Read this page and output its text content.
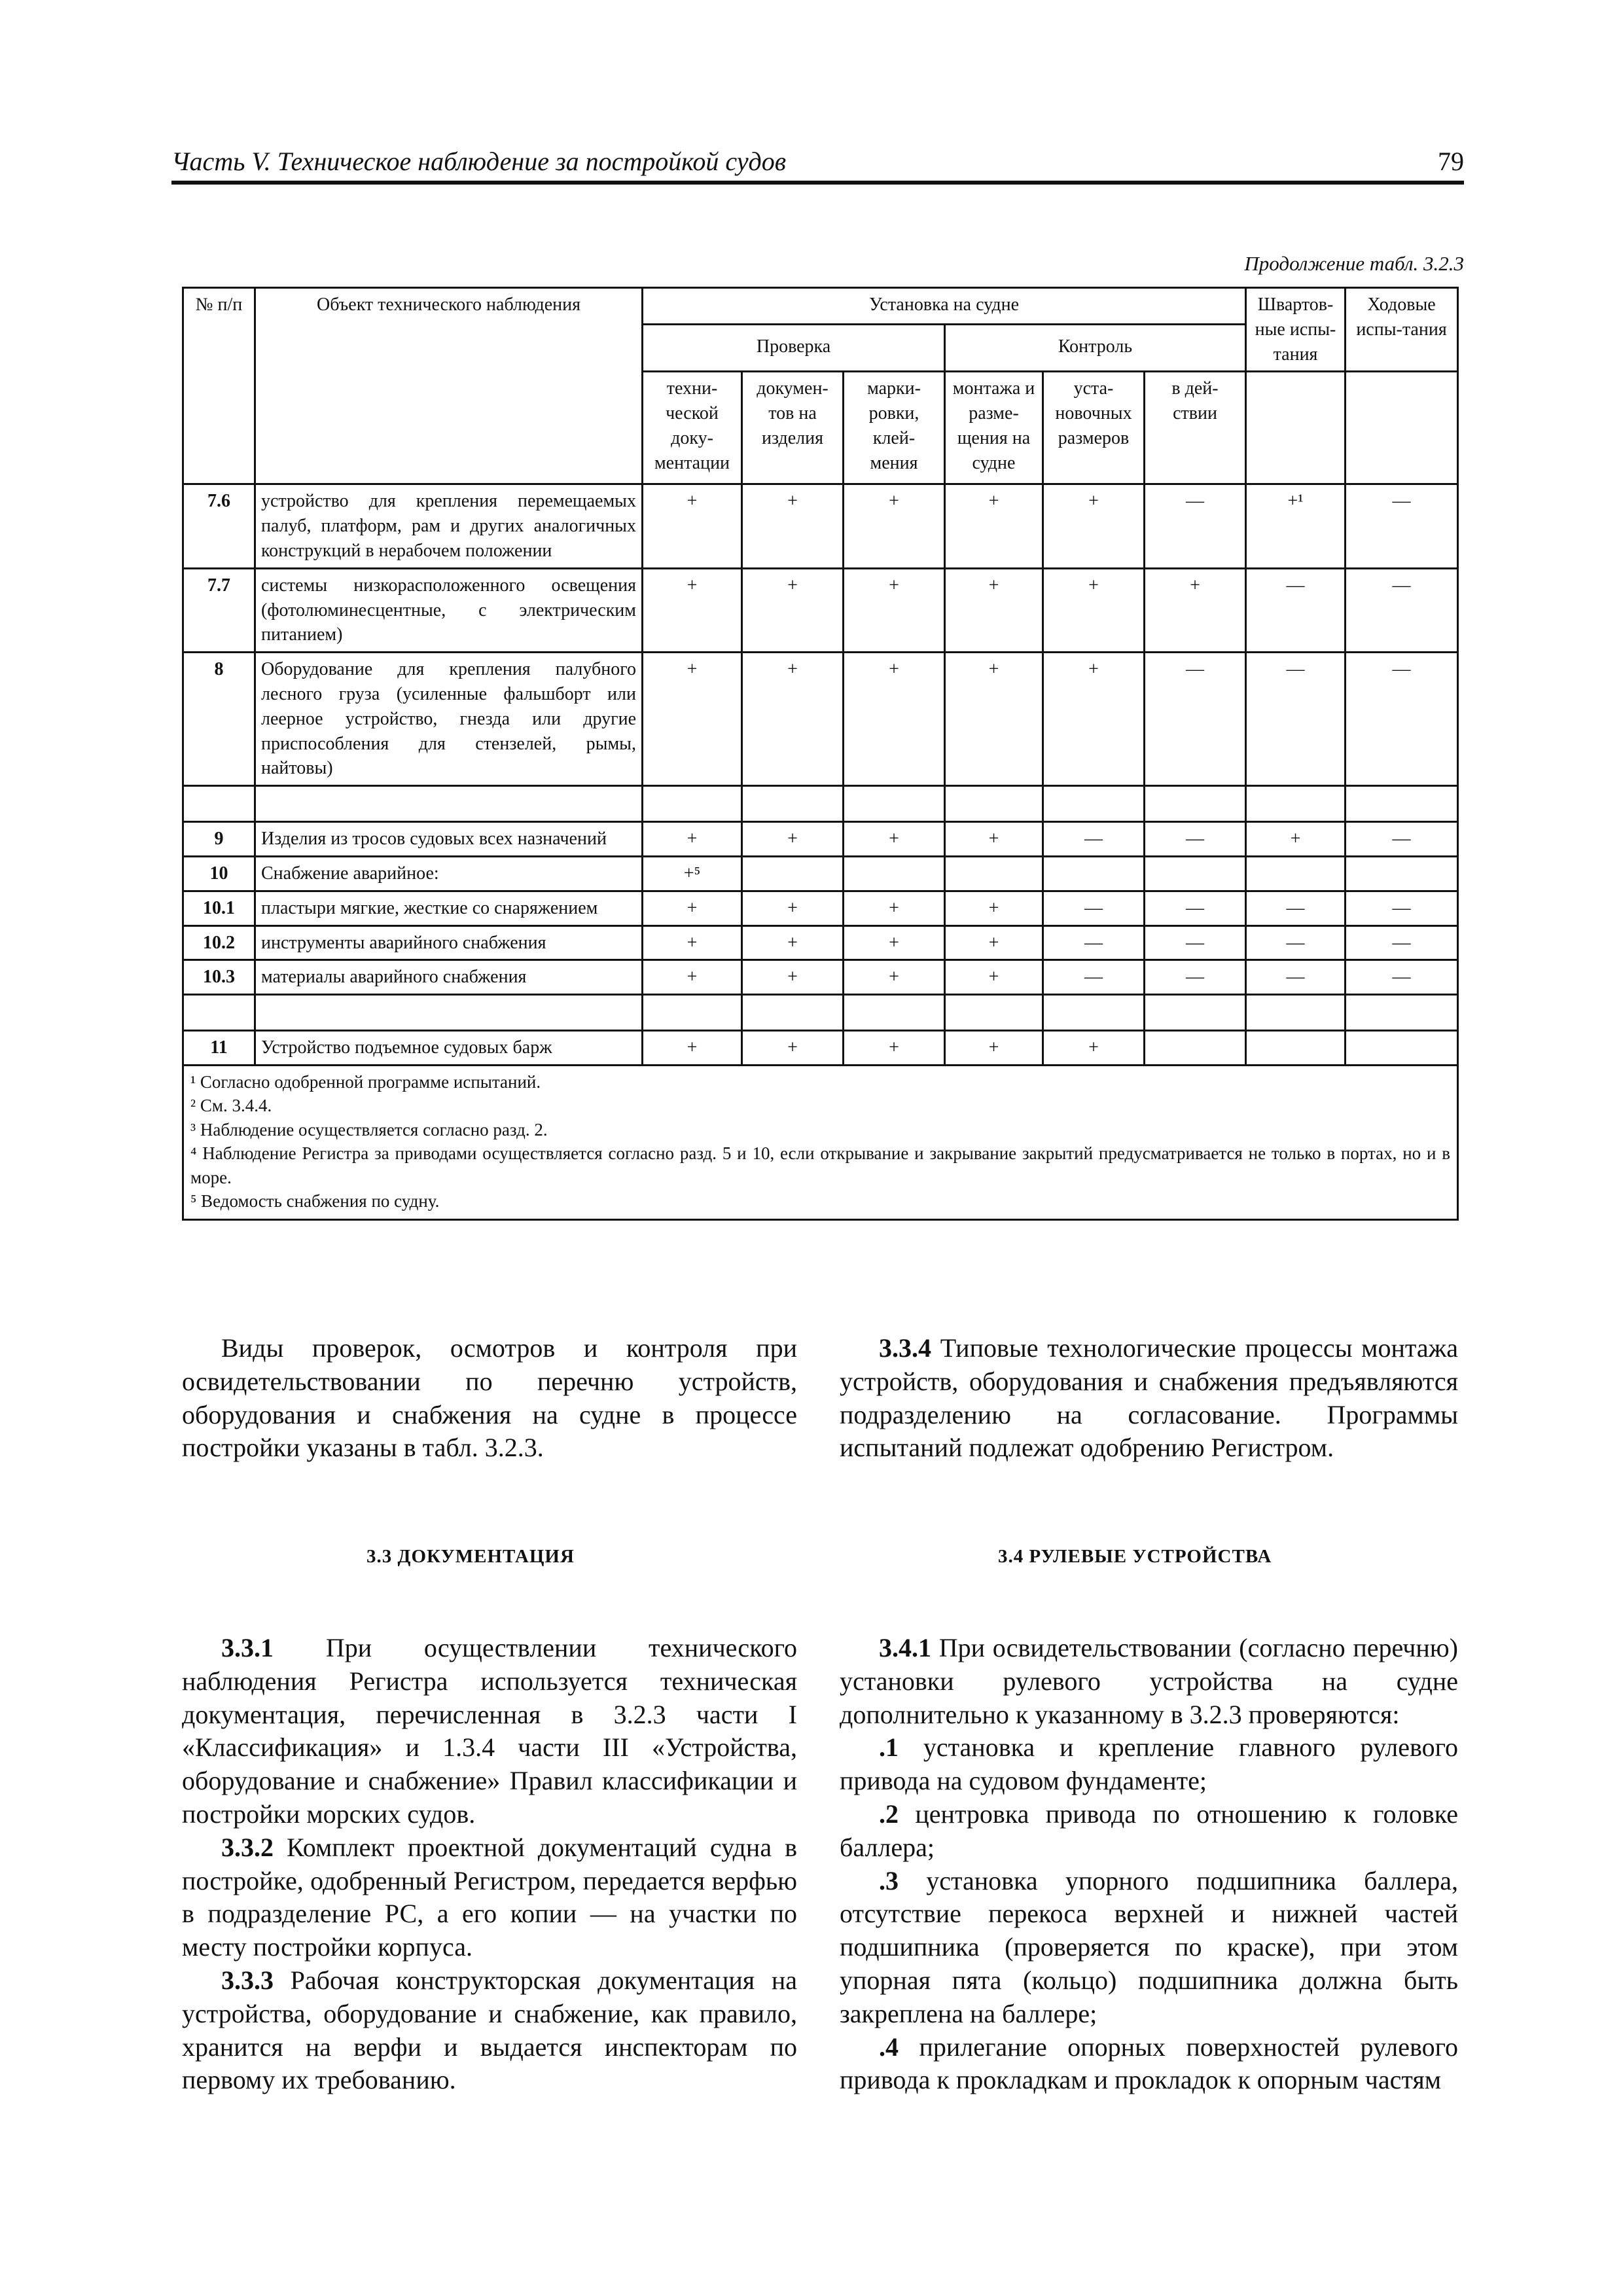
Часть V. Техническое наблюдение за постройкой судов	79
Продолжение табл. 3.2.3
№ п/п	Объект технического наблюдения	Установка на судне						Швартов-ные испы-тания	Ходовые испы-тания
		Проверка			Контроль				
		техни-ческой доку-ментации	докумен-тов на изделия	марки-ровки, клей-мения	монтажа и разме-щения на судне	уста-новочных размеров	в дей-ствии		
7.6	устройство для крепления перемещаемых палуб, платформ, рам и других аналогичных конструкций в нерабочем положении	+	+	+	+	+	—	+¹	—
7.7	системы низкорасположенного освещения (фотолюминесцентные, с электрическим питанием)	+	+	+	+	+	+	—	—
8	Оборудование для крепления палубного лесного груза (усиленные фальшборт или леерное устройство, гнезда или другие приспособления для стензелей, рымы, найтовы)	+	+	+	+	+	—	—	—

9	Изделия из тросов судовых всех назначений	+	+	+	+	—	—	+	—
10	Снабжение аварийное:	+⁵							
10.1	пластыри мягкие, жесткие со снаряжением	+	+	+	+	—	—	—	—
10.2	инструменты аварийного снабжения	+	+	+	+	—	—	—	—
10.3	материалы аварийного снабжения	+	+	+	+	—	—	—	—

11	Устройство подъемное судовых барж	+	+	+	+	+			

¹ Согласно одобренной программе испытаний.
² См. 3.4.4.
³ Наблюдение осуществляется согласно разд. 2.
⁴ Наблюдение Регистра за приводами осуществляется согласно разд. 5 и 10, если открывание и закрывание закрытий предусматривается не только в портах, но и в море.
⁵ Ведомость снабжения по судну.									

Виды проверок, осмотров и контроля при освидетельствовании по перечню устройств, оборудования и снабжения на судне в процессе постройки указаны в табл. 3.2.3.

3.3 ДОКУМЕНТАЦИЯ

3.3.1 При осуществлении технического наблюдения Регистра используется техническая документация, перечисленная в 3.2.3 части I «Классификация» и 1.3.4 части III «Устройства, оборудование и снабжение» Правил классификации и постройки морских судов.

3.3.2 Комплект проектной документаций судна в постройке, одобренный Регистром, передается верфью в подразделение РС, а его копии — на участки по месту постройки корпуса.

3.3.3 Рабочая конструкторская документация на устройства, оборудование и снабжение, как правило, хранится на верфи и выдается инспекторам по первому их требованию.

3.3.4 Типовые технологические процессы монтажа устройств, оборудования и снабжения предъявляются подразделению на согласование. Программы испытаний подлежат одобрению Регистром.

3.4 РУЛЕВЫЕ УСТРОЙСТВА

3.4.1 При освидетельствовании (согласно перечню) установки рулевого устройства на судне дополнительно к указанному в 3.2.3 проверяются:

.1 установка и крепление главного рулевого привода на судовом фундаменте;

.2 центровка привода по отношению к головке баллера;

.3 установка упорного подшипника баллера, отсутствие перекоса верхней и нижней частей подшипника (проверяется по краске), при этом упорная пята (кольцо) подшипника должна быть закреплена на баллере;

.4 прилегание опорных поверхностей рулевого привода к прокладкам и прокладок к опорным частям
